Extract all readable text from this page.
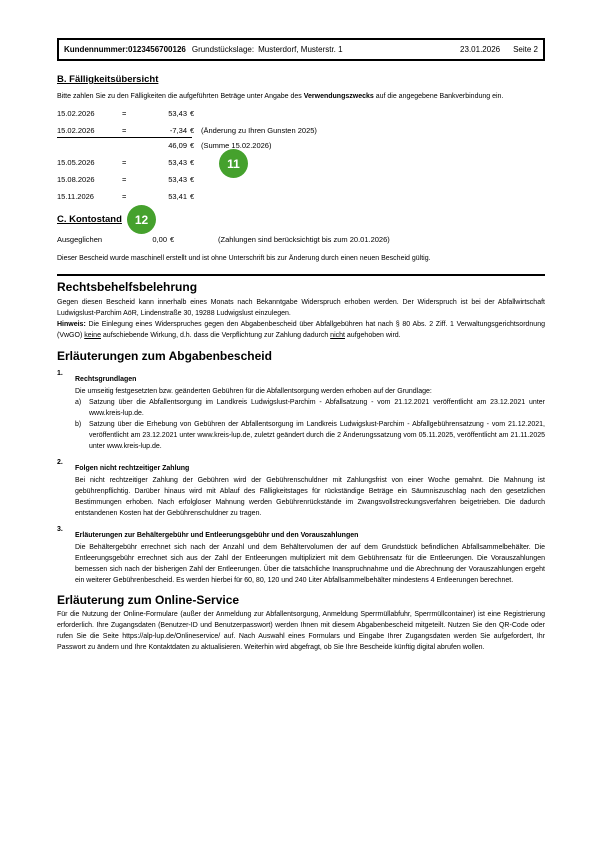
11
12
Kundennummer: 0123456700126 Grundstückslage: Musterdorf, Musterstr. 1	23.01.2026 Seite 2
B. Fälligkeitsübersicht
Bitte zahlen Sie zu den Fälligkeiten die aufgeführten Beträge unter Angabe des Verwendungszwecks auf die angegebene Bankverbindung ein.
15.02.2026	=	53,43 €
15.02.2026	=	-7,34 € (Änderung zu Ihren Gunsten 2025)
46,09 € (Summe 15.02.2026)
15.05.2026	=	53,43 €
15.08.2026	=	53,43 €
15.11.2026	=	53,41 €
C. Kontostand
Ausgeglichen	0,00 €	(Zahlungen sind berücksichtigt bis zum 20.01.2026)
Dieser Bescheid wurde maschinell erstellt und ist ohne Unterschrift bis zur Änderung durch einen neuen Bescheid gültig.
Rechtsbehelfsbelehrung
Gegen diesen Bescheid kann innerhalb eines Monats nach Bekanntgabe Widerspruch erhoben werden. Der Widerspruch ist bei der Abfallwirtschaft Ludwigslust-Parchim AöR, Lindenstraße 30, 19288 Ludwigslust einzulegen.
Hinweis: Die Einlegung eines Widerspruches gegen den Abgabenbescheid über Abfallgebühren hat nach § 80 Abs. 2 Ziff. 1 Verwaltungsgerichtsordnung (VwGO) keine aufschiebende Wirkung, d.h. dass die Verpflichtung zur Zahlung dadurch nicht aufgehoben wird.
Erläuterungen zum Abgabenbescheid
1.
Rechtsgrundlagen
Die umseitig festgesetzten bzw. geänderten Gebühren für die Abfallentsorgung werden erhoben auf der Grundlage:
a)	Satzung über die Abfallentsorgung im Landkreis Ludwigslust-Parchim - Abfallsatzung - vom 21.12.2021 veröffentlicht am 23.12.2021 unter www.kreis-lup.de.
b)	Satzung über die Erhebung von Gebühren der Abfallentsorgung im Landkreis Ludwigslust-Parchim - Abfallgebührensatzung - vom 21.12.2021, veröffentlicht am 23.12.2021 unter www.kreis-lup.de, zuletzt geändert durch die 2 Änderungssatzung vom 05.11.2025, veröffentlicht am 21.11.2025 unter www.kreis-lup.de.
2.
Folgen nicht rechtzeitiger Zahlung
Bei nicht rechtzeitiger Zahlung der Gebühren wird der Gebührenschuldner mit Zahlungsfrist von einer Woche gemahnt. Die Mahnung ist gebührenpflichtig. Darüber hinaus wird mit Ablauf des Fälligkeitstages für rückständige Beträge ein Säumniszuschlag nach den gesetzlichen Bestimmungen erhoben. Nach erfolgloser Mahnung werden Gebührenrückstände im Zwangsvollstreckungsverfahren beigetrieben. Die dadurch entstandenen Kosten hat der Gebührenschuldner zu tragen.
3.
Erläuterungen zur Behältergebühr und Entleerungsgebühr und den Vorauszahlungen
Die Behältergebühr errechnet sich nach der Anzahl und dem Behältervolumen der auf dem Grundstück befindlichen Abfallsammelbehälter. Die Entleerungsgebühr errechnet sich aus der Zahl der Entleerungen multipliziert mit dem Gebührensatz für die Entleerungen. Die Vorauszahlungen bemessen sich nach der bisherigen Zahl der Entleerungen. Über die tatsächliche Inanspruchnahme und die Abrechnung der Vorauszahlungen ergeht ein weiterer Gebührenbescheid. Es werden hierbei für 60, 80, 120 und 240 Liter Abfallsammelbehälter mindestens 4 Entleerungen berechnet.
Erläuterung zum Online-Service
Für die Nutzung der Online-Formulare (außer der Anmeldung zur Abfallentsorgung, Anmeldung Sperrmüllabfuhr, Sperrmüllcontainer) ist eine Registrierung erforderlich. Ihre Zugangsdaten (Benutzer-ID und Benutzerpasswort) werden Ihnen mit diesem Abgabenbescheid mitgeteilt. Nutzen Sie den QR-Code oder rufen Sie die Seite https://alp-lup.de/Onlineservice/ auf. Nach Auswahl eines Formulars und Eingabe Ihrer Zugangsdaten werden Sie aufgefordert, Ihr Passwort zu ändern und Ihre Kontaktdaten zu aktualisieren. Weiterhin wird abgefragt, ob Sie Ihre Bescheide künftig digital abrufen wollen.
